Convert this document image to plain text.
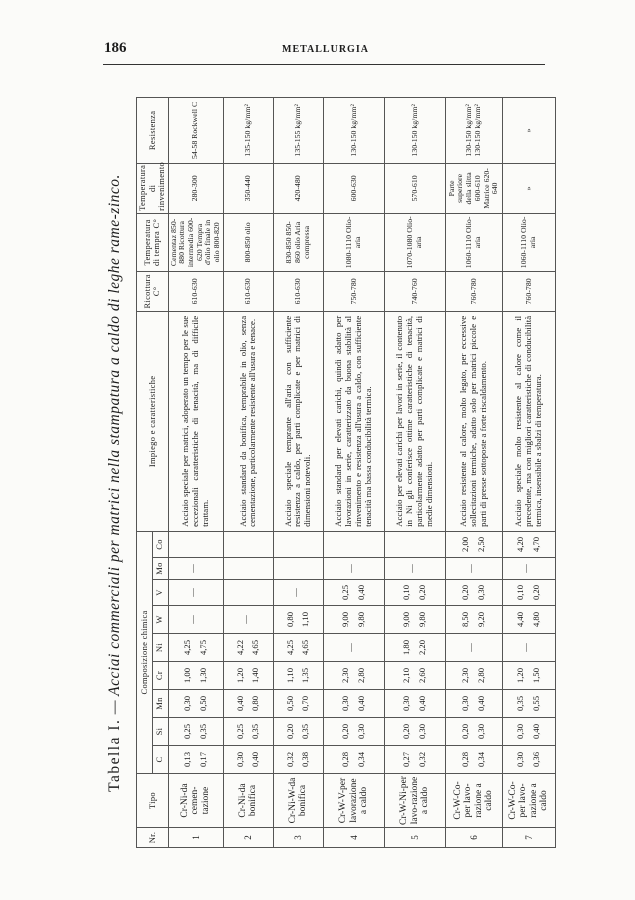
186	METALLURGIA
Tabella I. — Acciai commerciali per matrici nella stampatura a caldo di leghe rame-zinco.
Nr.	Tipo	Composizione chimica									Impiego e caratteristiche	Ricottura C°	Temperatura di tempra C°	Temperatura di rinvenimento	Resistenza
		C	Si	Mn	Cr	Ni	W	V	Mo	Co					
1	Cr-Ni-da cemen-tazione	0,13 0,17	0,25 0,35	0,30 0,50	1,00 1,30	4,25 4,75	—	—	—		Acciaio speciale per matrici, adoperato un tempo per le sue eccezionali caratteristiche di tenacità, ma di difficile trattam.	610-630	Cementaz 850-880 Ricottura intermedia 600-620 Tempra d'olio finale in olio 800-820	280-300	54-58 Rockwell C
2	Cr-Ni-da bonifica	0,30 0,40	0,25 0,35	0,40 0,80	1,20 1,40	4,22 4,65	—				Acciaio standard da bonifica, temprabile in olio, senza cementazione, particolarmente resistente all'usura e tenace.	610-630	800-850 olio	350-440	135-150 kg/mm²
3	Cr-Ni-W-da bonifica	0,32 0,38	0,20 0,35	0,50 0,70	1,10 1,35	4,25 4,65	0,80 1,10	—			Acciaio speciale temprante all'aria con sufficiente resistenza a caldo, per parti complicate e per matrici di dimensioni notevoli.	610-630	830-850 850-860 olio Aria compressa	420-480	135-155 kg/mm²
4	Cr-W-V-per lavorazione a caldo	0,28 0,34	0,20 0,30	0,30 0,40	2,30 2,80	—	9,00 9,80	0,25 0,40	—		Acciaio standard per elevati carichi, quindi adatto per lavorazioni in serie, caratterizzato da buona stabilità al rinvenimento e resistenza all'usura a caldo, con sufficiente tenacità ma bassa conducibilità termica.	750-780	1080-1110 Olio-aria	600-630	130-150 kg/mm²
5	Cr-W-Ni-per lavo-razione a caldo	0,27 0,32	0,20 0,30	0,30 0,40	2,10 2,60	1,80 2,20	9,00 9,80	0,10 0,20	—		Acciaio per elevati carichi per lavori in serie, il contenuto in Ni gli conferisce ottime caratteristiche di tenacità, particolarmente adatto per parti complicate e matrici di medie dimensioni.	740-760	1070-1080 Olio-aria	570-610	130-150 kg/mm²
6	Cr-W-Co-per lavo-razione a caldo	0,28 0,34	0,20 0,30	0,30 0,40	2,30 2,80	—	8,50 9,20	0,20 0,30	—	2,00 2,50	Acciaio resistente al calore, molto legato, per eccessive sollecitazioni termiche, adatto solo per matrici piccole e parti di presse sottoposte a forte riscaldamento.	760-780	1060-1110 Olio-aria	Parte superiore della slitta 600-610 Matrice 620-640	130-150 kg/mm² 130-150 kg/mm²
7	Cr-W-Co-per lavo-razione a caldo	0,30 0,36	0,30 0,40	0,35 0,55	1,20 1,50	—	4,40 4,80	0,10 0,20	—	4,20 4,70	Acciaio speciale molto resistente al calore come il precedente, ma con migliori caratteristiche di conducibilità termica, insensibile a sbalzi di temperatura.	760-780	1060-1110 Olio-aria	»	»
